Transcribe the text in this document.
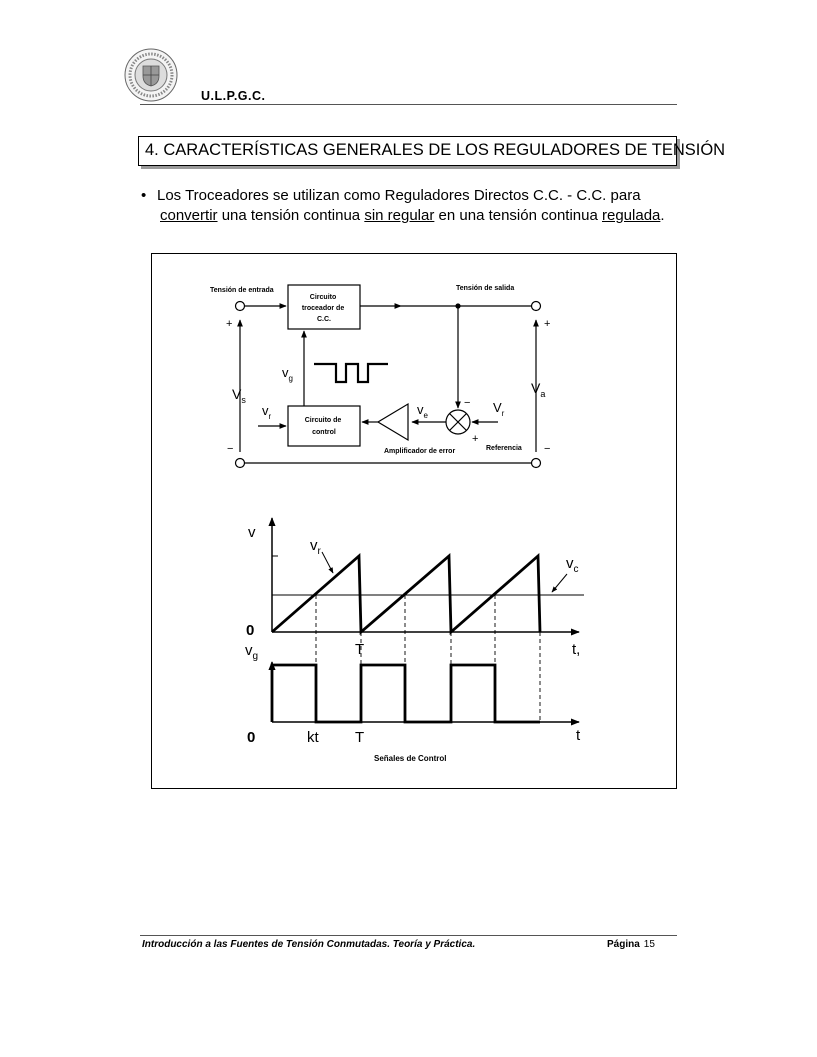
U.L.P.G.C.
4. CARACTERÍSTICAS GENERALES DE LOS REGULADORES DE TENSIÓN
• Los Troceadores se utilizan como Reguladores Directos C.C. - C.C. para
convertir una tensión continua sin regular en una tensión continua regulada.
Tensión de entrada	Tensión de salida
Circuito troceador de C.C.
Circuito de control
Amplificador de error	Referencia
+
−
+
−
−
+
$V_s$
$V_a$
$v_g$
$v_r$	$v_e$
$V_r$
v
$v_r$
$v_c$
0
$v_g$	T	t,
0	kt T	t
Señales de Control
Introducción a las Fuentes de Tensión Conmutadas. Teoría y Práctica.	Página 15
